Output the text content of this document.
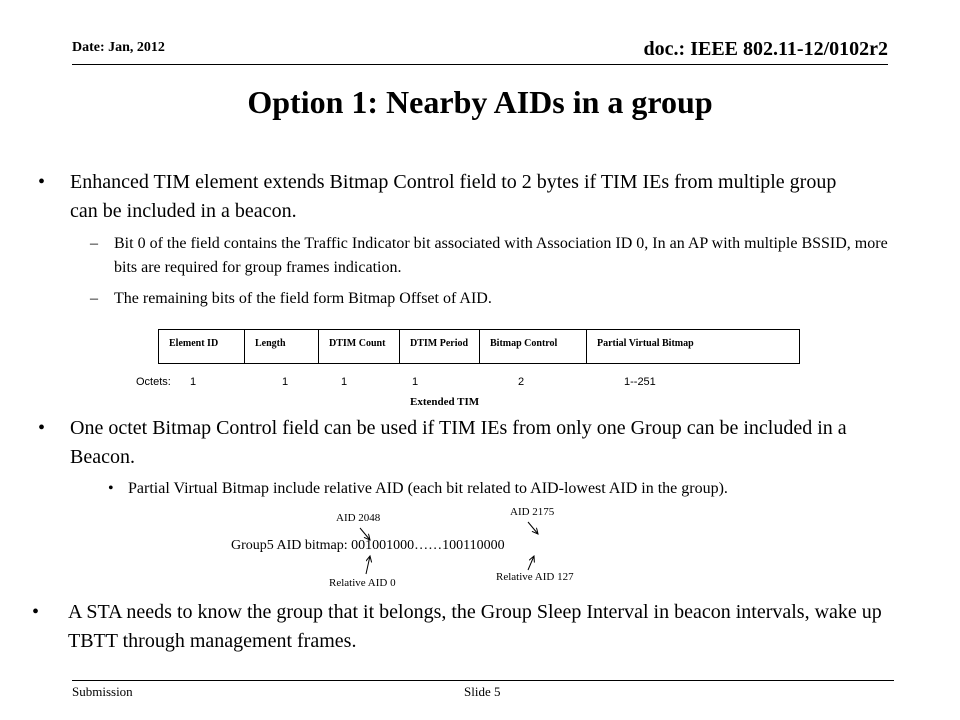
Date: Jan, 2012	doc.: IEEE 802.11-12/0102r2
Option 1: Nearby AIDs in a group
• Enhanced TIM element extends Bitmap Control field to 2 bytes if TIM IEs from multiple group can be included in a beacon.
– Bit 0 of the field contains the Traffic Indicator bit associated with Association ID 0, In an AP with multiple BSSID, more bits are required for group frames indication.
– The remaining bits of the field form Bitmap Offset of AID.
Element ID	Length	DTIM Count	DTIM Period	Bitmap Control	Partial Virtual Bitmap
Octets: 1	1	1	1	2	1--251
Extended TIM
• One octet Bitmap Control field can be used if TIM IEs from only one Group can be included in a Beacon.
• Partial Virtual Bitmap include relative AID (each bit related to AID-lowest AID in the group).
AID 2048	AID 2175
Group5 AID bitmap: 001001000……100110000
Relative AID 0	Relative AID 127
• A STA needs to know the group that it belongs, the Group Sleep Interval in beacon intervals, wake up TBTT through management frames.
Submission	Slide 5
